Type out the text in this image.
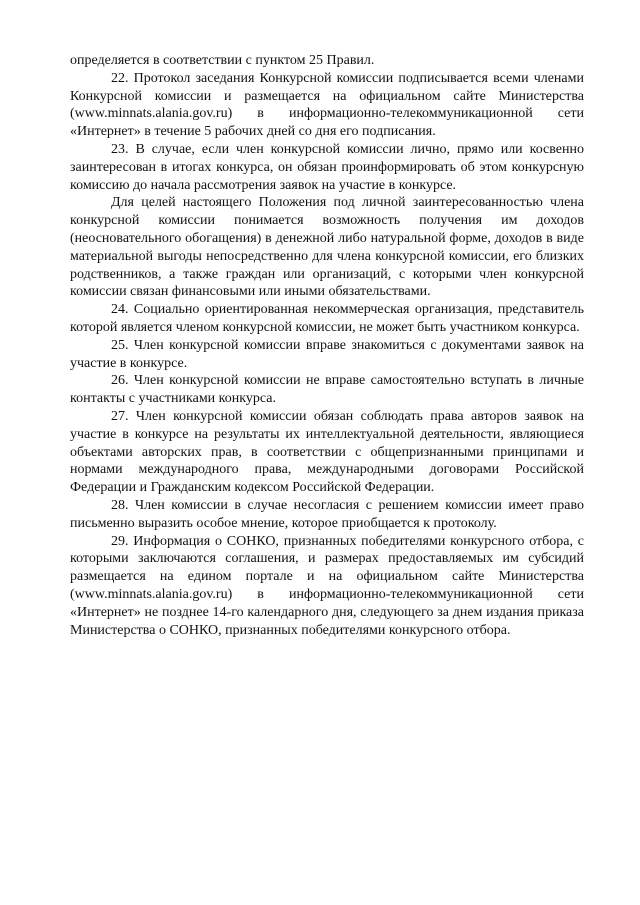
определяется в соответствии с пунктом 25 Правил.

22. Протокол заседания Конкурсной комиссии подписывается всеми членами Конкурсной комиссии и размещается на официальном сайте Министерства (www.minnats.alania.gov.ru) в информационно-телекоммуникационной сети «Интернет» в течение 5 рабочих дней со дня его подписания.

23. В случае, если член конкурсной комиссии лично, прямо или косвенно заинтересован в итогах конкурса, он обязан проинформировать об этом конкурсную комиссию до начала рассмотрения заявок на участие в конкурсе.

Для целей настоящего Положения под личной заинтересованностью члена конкурсной комиссии понимается возможность получения им доходов (неосновательного обогащения) в денежной либо натуральной форме, доходов в виде материальной выгоды непосредственно для члена конкурсной комиссии, его близких родственников, а также граждан или организаций, с которыми член конкурсной комиссии связан финансовыми или иными обязательствами.

24. Социально ориентированная некоммерческая организация, представитель которой является членом конкурсной комиссии, не может быть участником конкурса.

25. Член конкурсной комиссии вправе знакомиться с документами заявок на участие в конкурсе.

26. Член конкурсной комиссии не вправе самостоятельно вступать в личные контакты с участниками конкурса.

27. Член конкурсной комиссии обязан соблюдать права авторов заявок на участие в конкурсе на результаты их интеллектуальной деятельности, являющиеся объектами авторских прав, в соответствии с общепризнанными принципами и нормами международного права, международными договорами Российской Федерации и Гражданским кодексом Российской Федерации.

28. Член комиссии в случае несогласия с решением комиссии имеет право письменно выразить особое мнение, которое приобщается к протоколу.

29. Информация о СОНКО, признанных победителями конкурсного отбора, с которыми заключаются соглашения, и размерах предоставляемых им субсидий размещается на едином портале и на официальном сайте Министерства (www.minnats.alania.gov.ru) в информационно-телекоммуникационной сети «Интернет» не позднее 14-го календарного дня, следующего за днем издания приказа Министерства о СОНКО, признанных победителями конкурсного отбора.
